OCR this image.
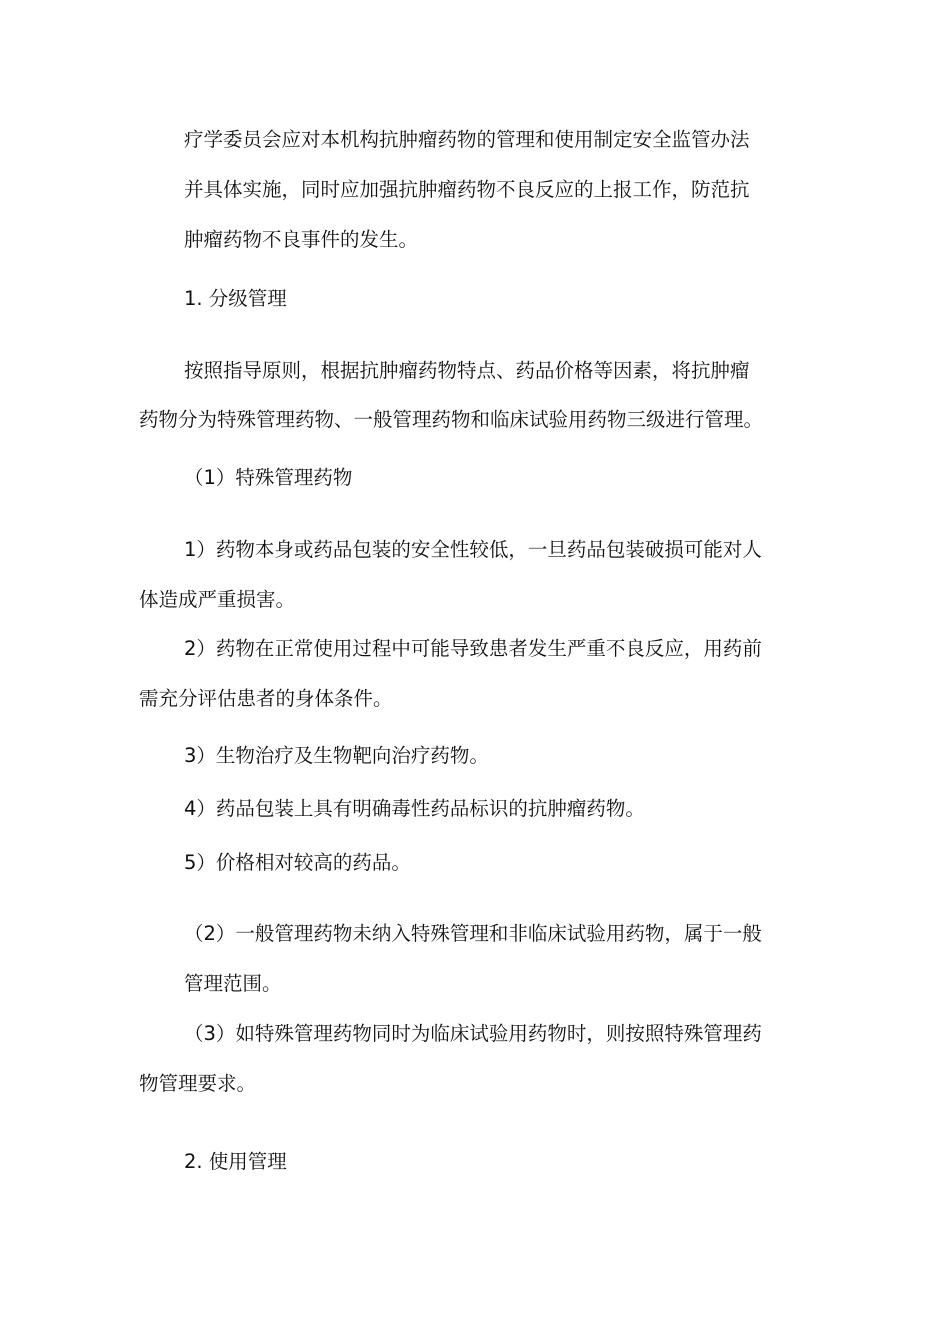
疗学委员会应对本机构抗肿瘤药物的管理和使用制定安全监管办法
并具体实施，同时应加强抗肿瘤药物不良反应的上报工作，防范抗
肿瘤药物不良事件的发生。
1. 分级管理
按照指导原则，根据抗肿瘤药物特点、药品价格等因素，将抗肿瘤
药物分为特殊管理药物、一般管理药物和临床试验用药物三级进行管理。
（1）特殊管理药物
1）药物本身或药品包装的安全性较低，一旦药品包装破损可能对人
体造成严重损害。
2）药物在正常使用过程中可能导致患者发生严重不良反应，用药前
需充分评估患者的身体条件。
3）生物治疗及生物靶向治疗药物。
4）药品包装上具有明确毒性药品标识的抗肿瘤药物。
5）价格相对较高的药品。
（2）一般管理药物未纳入特殊管理和非临床试验用药物，属于一般
管理范围。
（3）如特殊管理药物同时为临床试验用药物时，则按照特殊管理药
物管理要求。
2. 使用管理
